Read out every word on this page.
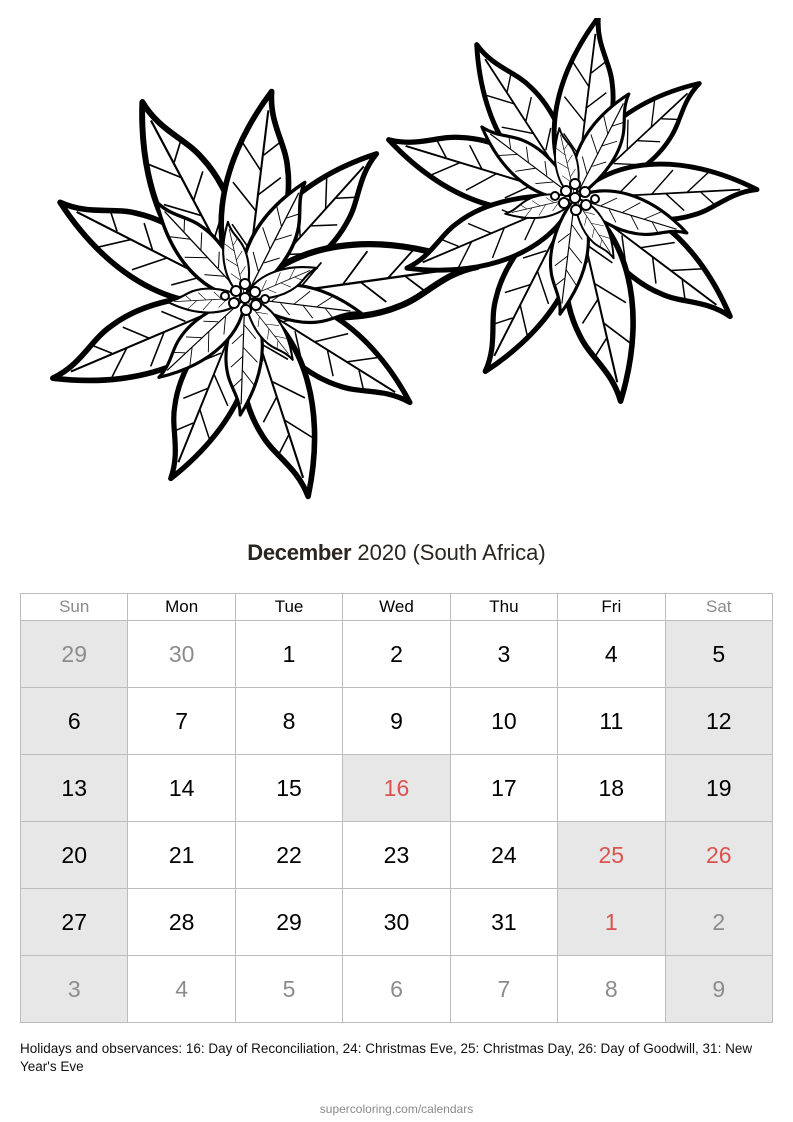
December 2020 (South Africa)
Sun	Mon	Tue	Wed	Thu	Fri	Sat
29	30	1	2	3	4	5
6	7	8	9	10	11	12
13	14	15	16	17	18	19
20	21	22	23	24	25	26
27	28	29	30	31	1	2
3	4	5	6	7	8	9
Holidays and observances: 16: Day of Reconciliation, 24: Christmas Eve, 25: Christmas Day, 26: Day of Goodwill, 31: New Year's Eve
supercoloring.com/calendars
